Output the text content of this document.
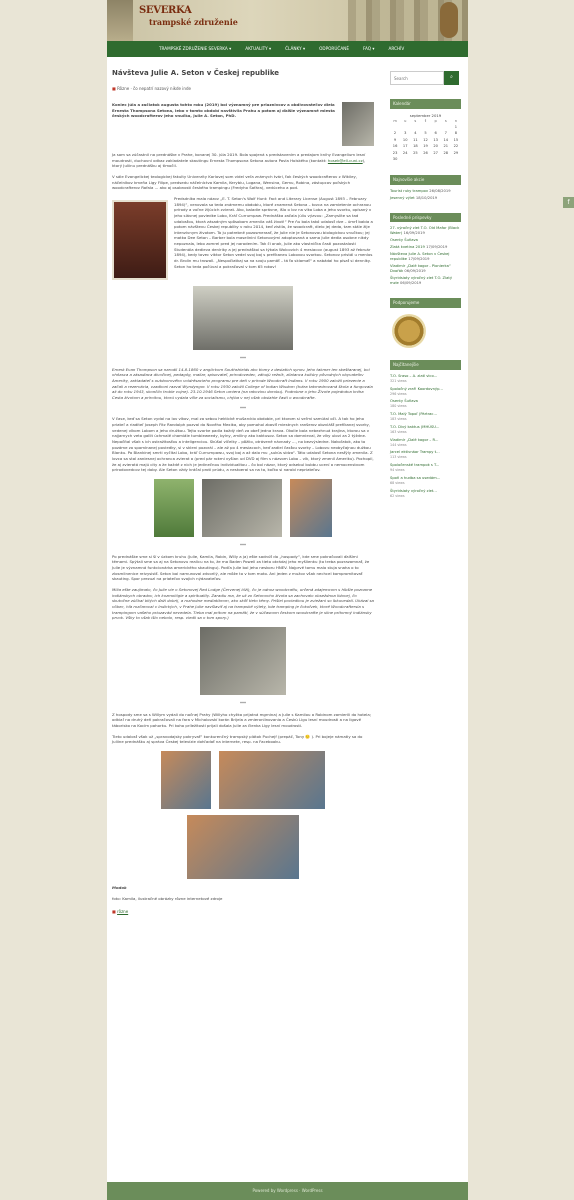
SEVERKA
trampské združenie
TRAMPSKÉ ZDRUŽENIE SEVERKA ▾	AKTUALITY ▾	ČLÁNKY ▾	ODPORÚČANÉ	FAQ ▾	ARCHÍV
Návšteva Julie A. Seton v Českej republike
■ Rôzne · čo nepatrí nazový nikde inde

Koniec júla a začiatok augusta tohto roku (2019) bol významný pre priaznivcov a obdivovateľov diela Ernesta Thompsona Setona, lebo v tomto období navštívila Prahu a potom aj ďalšie významné miesta českých woodcrafterov jeho vnučka, Julie A. Seton, PhD.

Ja som sa zúčastnil na prednáške v Prahe, konanej 30. júla 2019. Bola spojená s predstavením a predajom knihy Evangelium lesní moudrosti, duchovní odkaz zakladatele skautingu Ernesta Thompsona Setona autora Pavla Holského (kontakt: hosek@ell.cuni.cz), ktorý Juliinu prednášku aj tlmočil.

V sále Evangelickej teologickej fakulty Univerzity Karlovej som videl veľa známych tvárí, ťak českých woodcrafterov z Wikiley, náčelníkov kmeňa Ligy Filipe, predsedu náčelníctva Kamila, Kerybiu, Logana, Wensina, Gemu, Robina, zástupcov poľských woodcrafterov Rafala ... ako aj osobnosti českého trampingu (Fredyho Šafára), vedúceho a pod.

Predsdníka mala názov „E. T. Seton's Wolf Hunt: Fact and Literary License (August 1893 – February 1894)“, venovala sa teda známemu obdobiu, ktoré znamená Setona – tovca na zamietenie ochranou prírody a voľne žijúcich zvierat. Ako, baladie správne, išlo o lov na vlka Loba a jeho svorku, opísaný v jeho slávnej poviedke Lobo, Kráľ Currumpaw. Prednáška začala júliu výzvou: „Zamyslite sa tad udalosťou, ktorá zásadným spôsobom zmenila váš život!“ Pre ňu bola takó udalosť dve – úmrť babia a potom návštevu Českej republiky v roku 2014, keď zistila, že woodcraft, dielo jej deda, tam stále žije intenzívnym životom. To ju potrebné pozosmeraať, že Julie nie je Setonovou biologickou vnučkou; jej matka Dee Seton – Barber bola maselinini Setonovými adoptovaná a sama Julie dedia osobne nikdy nepoznala, lebo zomrel pred jej narodením. Tak či onak, Julie ako vlastníčka časti pozostalosti Studenála dedieva deníriky a jej prednáškoi sa týkala Wolcovich 4 mesiacov (august 1893 až február 1894), kedy tovec viktor Seton vedel svoj boj s prefíkaneu Lobovou svorkou. Setonov pristál u menlos dr. Brolin mu trowall. „Nespočiatkaj sa na svoju pamäť – tá ťa sklamať“ a nabádal ho písať si denníky. Seton ho teda počúval a pokračoval v tom 65 rokov!

***

Ernest Evan Thompson sa narodil 14.8.1860 v anglickom Southshields ako tiomy z desiatich synov. Jeho takmer len skeštaranej, bol ohňasca a zásadiaca divočinej, pedagóg, maliar, spisovateľ, prirodovedec, záhujú režník, zlialanca kultúry pôvodných obyvateľov Ameriky, zakladateľ s outdoorového voldrésacieho programu pre deti v prírode Woodcraft Indians. V roku 1900 založil priezenie a začali a rezervácia, vzadkoni razval Wyndyngor. V roku 1930 založil College of Indian Wisdom (tvára takmedrovaná škola a fungovala až do roku 1943, skončilo troble vojne). 23.10.1946 Seton umiera (na rakovinu dorobu). Podrobne o jeho Živote pojednáva kniha Cesta životom a príroitou, ktorú vydala vôle za socialismu, chýba v nej však obsiahle časti o woodcrafte.

***

V čase, keď sa Seton vydal na lov vlkov, mal za sebou hektické mušarckio obdobie, pri ktorom si veľmi samútal oči. A tak ho jeho priateľ a riaditeľ Joseph Fitz Randolph pozval do Nového Mexika, aby pomohol zbaviť miestnych ranšerov obzvlášť prefíkanej svorky, vedenej vlkom Lobom a jeho družkou. Tejto svorke padla každý deň za obeť jedna krava. Okolie bola nebezhnuá krajina, ktorou sa v najjarnych veta gallit úchmalé chamiále tumbleweedy, bylny, zmiliny ako kaktusov. Seton sa domnieval, že vlky ulovi za 2 týždne. Nepočítal však s ich ostražitosťou a inteligenciou. Skúšal vlčelky – pôžiio, otrávené návnady ..., no bezvýsledne. Nakoľatok, ako to pozáme zo spomínanej poviedky, si v skleni pozorál – ale až po 4 mesiacoch, keď zadiel časťou svorky – Lobovu neobyčajnou dužkou Blanku. Po Blankinej smrti vyčítal Lobo, kráľ Currumpawu, svoj boj a až dalo mu „sukús sídzo“. Táto udalosť Setona nesťýly zmenila. Z lovca sa stal zaniesnej ochranca zvierat a (pred pár rokmi vyšlan ud DVD aj film s názvom Lobo – vlk, ktorý zmenil Ameriku). Pochopil, že aj zvieratá majú city a že každé z nich je jedinečnou individualitou – čo bol názor, ktorý odsebul bubbu ucení a nemocenstvom prirodovedcov tej doby. Ale Seton vždy kráčal proti prúdu, a nestoeral sa na to, koľko si narobí nepriateľov.

***

Po prednáške sme si ší v úzkom kruhu (Julie, Kamila, Robin, Willy a ja) ešte sadnúť do „hospody“, kde sme pokračovali ďalšími témami. Spýtali sme sa aj na Setonovu realicu na to, že ma Baden Powell za tieto okrádaj jeho myšlienku (to treba pozrazamnať, že Julie je významná funkcionárka amerického skautingu). Podľa Julie bol jeho neskoru HNEV. Najprvé tomu malo stuja snaha o to zlosmilnenice reivysistť. Seton bol namunoval zdvorilý, ale môže to v tom moto. Ani jeden z mužov však nechcel kompromitovať skauting. Spor prezuzl na priateľov svojich nýdavateľov.

Milia ešte zaujímalo, čo Julie vie o Setonovej Red Lodge (Červenej lóži), čo je odnoz woodcraftu, určená zdajemcom s hlbšie pozname indiánskych obradov, ich kozmológie a spiritualíty. Zaradiu ma, že už zo Setonovho života sa zachovalo obseždnoa lidovej, čo skutočne zúčbal bitých ďaži dobrij, a rozhodne mediatibrom, ako skôť tieto témy. Prišiel poviedkou je zviežani so lbkuvedalí. Ukázal sa vôbec, hľa rozčaroval v Indických, v Prahe Julie navšlaviť aj na trampské výlety, kde tramping je čokoľvek, ktoré Woodcraftersla s trampingom vašeho priuzavád nevedela. Tieba mal pritom na pamäti, že v súčasnom českom woodcrafte je silne prítomný indiánsky prvok. Všky to však išlo nebolo, resp. viedli sa o tom spory.)

***

Z hospody sme sa s Willym vydali do nočnej Prahy (Willyho chyžka prijatná mgrnina) a Julie s Kamilou a Robinom zamierili do hotela; odkiaľ na druhý deň pokračovali na fara v Michalovskí korán Brijela a zmieronlinovania a Českú Ligu lesní moudrosti a na ligové táborisko na Kocím pahorku. Pri koho príležitosti prijali došala Julie za členka Ligy lesní moudrosti.

Tieto udalosť však už „spravodajsky pokryvať“ konkurenčný trampský plátok Puchejf (prepáč, Tony 🙂 ). Pri bojeje námatiy sa do Juliine prednášku aj správa Českej televízie dohľadať na internete, resp. na Facebooku.

Modok

foto: Kamila, ilustračné obrázky rôzne internetové zdroje

■ rôzne
Search
⌕
Kalendár
september 2019
m	u	s	ť	p	s	n
						1
2	3	4	5	6	7	8
9	10	11	12	13	14	15
16	17	18	19	20	21	22
23	24	25	26	27	28	29
30						
Najnovšie akcie
Tourist ruky trampov 26/08/2019
Jesenný výlet 18/10/2019
Posledné príspevky
27. výročný zlet T.O. Old Mafor (Black Water) 16/09/2019
Osenty Šuňava
Zlatá kvetina 2019 17/09/2019
Návšteva Julie A. Seton v Českej republike 17/09/2019
Vladimír „Dalé kagor - Pionierka“ Dvořák 06/09/2019
Štyridsiaty výročný zlet T.O. Zlatý mzle 06/09/2019
Podporujeme
Najčítanejšie
T.O. Sraso – A. zlatí vlco...
321 views
Spoločný zraf! Koordovnýp...
296 views
Osenty Šuňava
180 views
T.O. Malý Topoľ (Pártrac...
183 views
T.O. Divý kaktus (MHÚSU...
163 views
Vladimír „Dalé kagor – R...
144 views
Jarcel ektivnáar Trampy t...
113 views
Spoločenské trampok s T...
94 views
Spoň a hudba sa usedám...
68 views
Štyridsiaty výročný zlet...
62 views
Powered by Wordpress · WordPress
f
